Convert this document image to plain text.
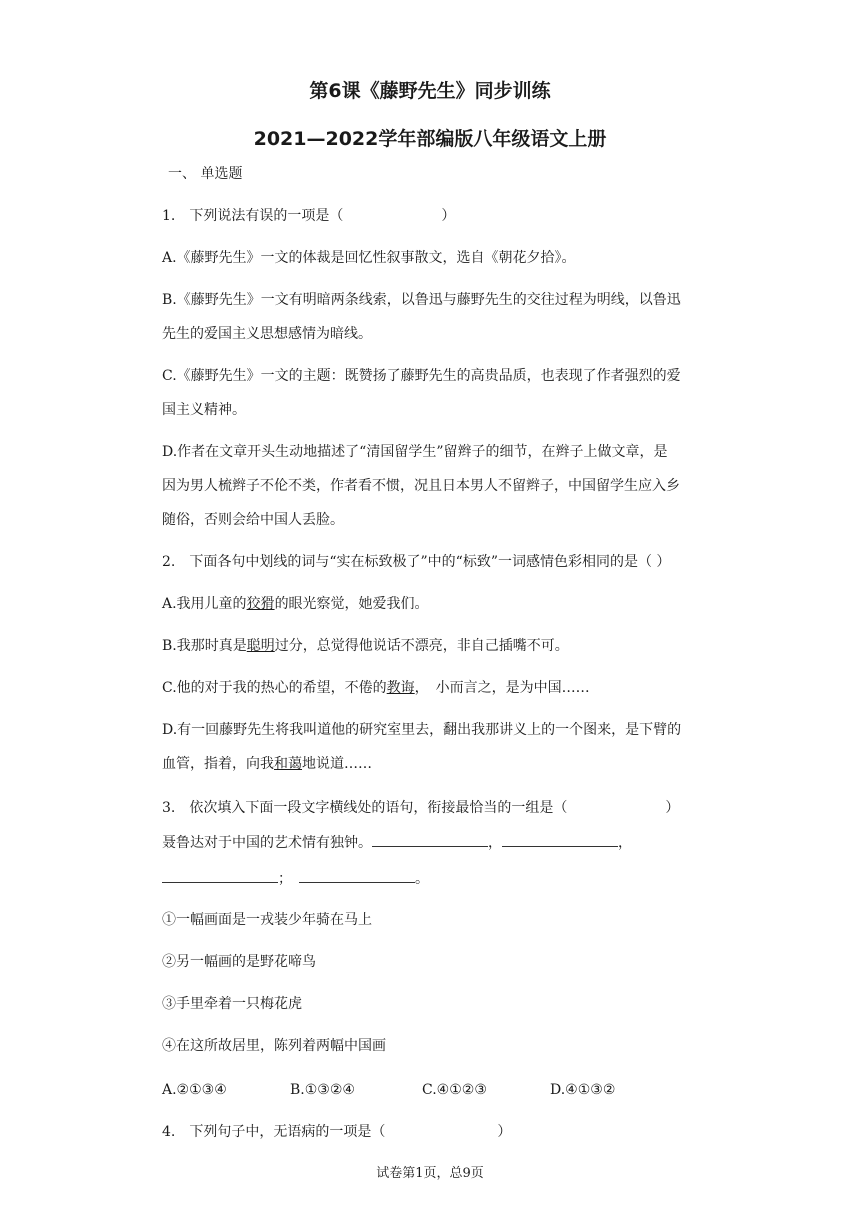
第6课《藤野先生》同步训练
2021—2022学年部编版八年级语文上册
一、 单选题
1.　下列说法有误的一项是（　　　　　　　）
A.《藤野先生》一文的体裁是回忆性叙事散文，选自《朝花夕拾》。
B.《藤野先生》一文有明暗两条线索，以鲁迅与藤野先生的交往过程为明线，以鲁迅
先生的爱国主义思想感情为暗线。
C.《藤野先生》一文的主题：既赞扬了藤野先生的高贵品质，也表现了作者强烈的爱
国主义精神。
D.作者在文章开头生动地描述了“清国留学生”留辫子的细节，在辫子上做文章，是
因为男人梳辫子不伦不类，作者看不惯，况且日本男人不留辫子，中国留学生应入乡
随俗，否则会给中国人丢脸。
2.　下面各句中划线的词与“实在标致极了”中的“标致”一词感情色彩相同的是（ ）
A.我用儿童的狡猾的眼光察觉，她爱我们。
B.我那时真是聪明过分，总觉得他说话不漂亮，非自己插嘴不可。
C.他的对于我的热心的希望，不倦的教诲，　小而言之，是为中国……
D.有一回藤野先生将我叫道他的研究室里去，翻出我那讲义上的一个图来，是下臂的
血管，指着，向我和蔼地说道……
3.　依次填入下面一段文字横线处的语句，衔接最恰当的一组是（　　　　　　　）
聂鲁达对于中国的艺术情有独钟。	，	，
；　	。
①一幅画面是一戎装少年骑在马上
②另一幅画的是野花啼鸟
③手里牵着一只梅花虎
④在这所故居里，陈列着两幅中国画
A.②①③④	B.①③②④	C.④①②③	D.④①③②
4.　下列句子中，无语病的一项是（　　　　　　　　）
试卷第1页，总9页
